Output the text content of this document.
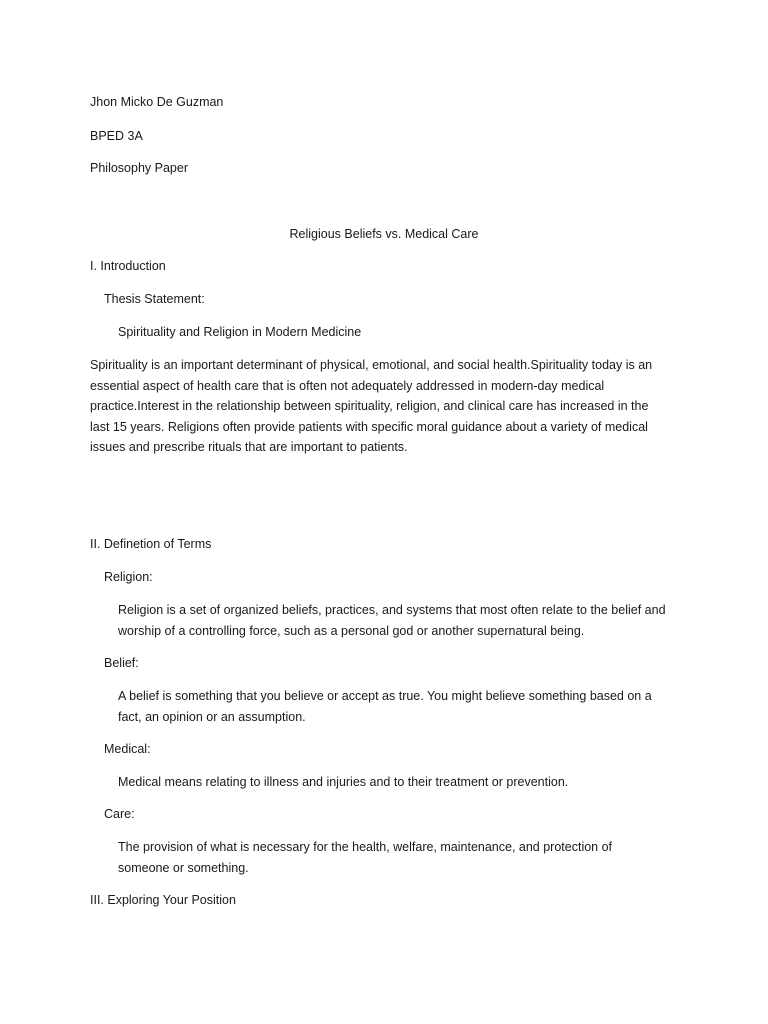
Jhon Micko De Guzman
BPED 3A
Philosophy Paper
Religious Beliefs vs. Medical Care
I. Introduction
Thesis Statement:
Spirituality and Religion in Modern Medicine
Spirituality is an important determinant of physical, emotional, and social health.Spirituality today is an
essential aspect of health care that is often not adequately addressed in modern-day medical
practice.Interest in the relationship between spirituality, religion, and clinical care has increased in the
last 15 years. Religions often provide patients with specific moral guidance about a variety of medical
issues and prescribe rituals that are important to patients.
II. Definetion of Terms
Religion:
Religion is a set of organized beliefs, practices, and systems that most often relate to the belief and
worship of a controlling force, such as a personal god or another supernatural being.
Belief:
A belief is something that you believe or accept as true. You might believe something based on a
fact, an opinion or an assumption.
Medical:
Medical means relating to illness and injuries and to their treatment or prevention.
Care:
The provision of what is necessary for the health, welfare, maintenance, and protection of
someone or something.
III. Exploring Your Position
